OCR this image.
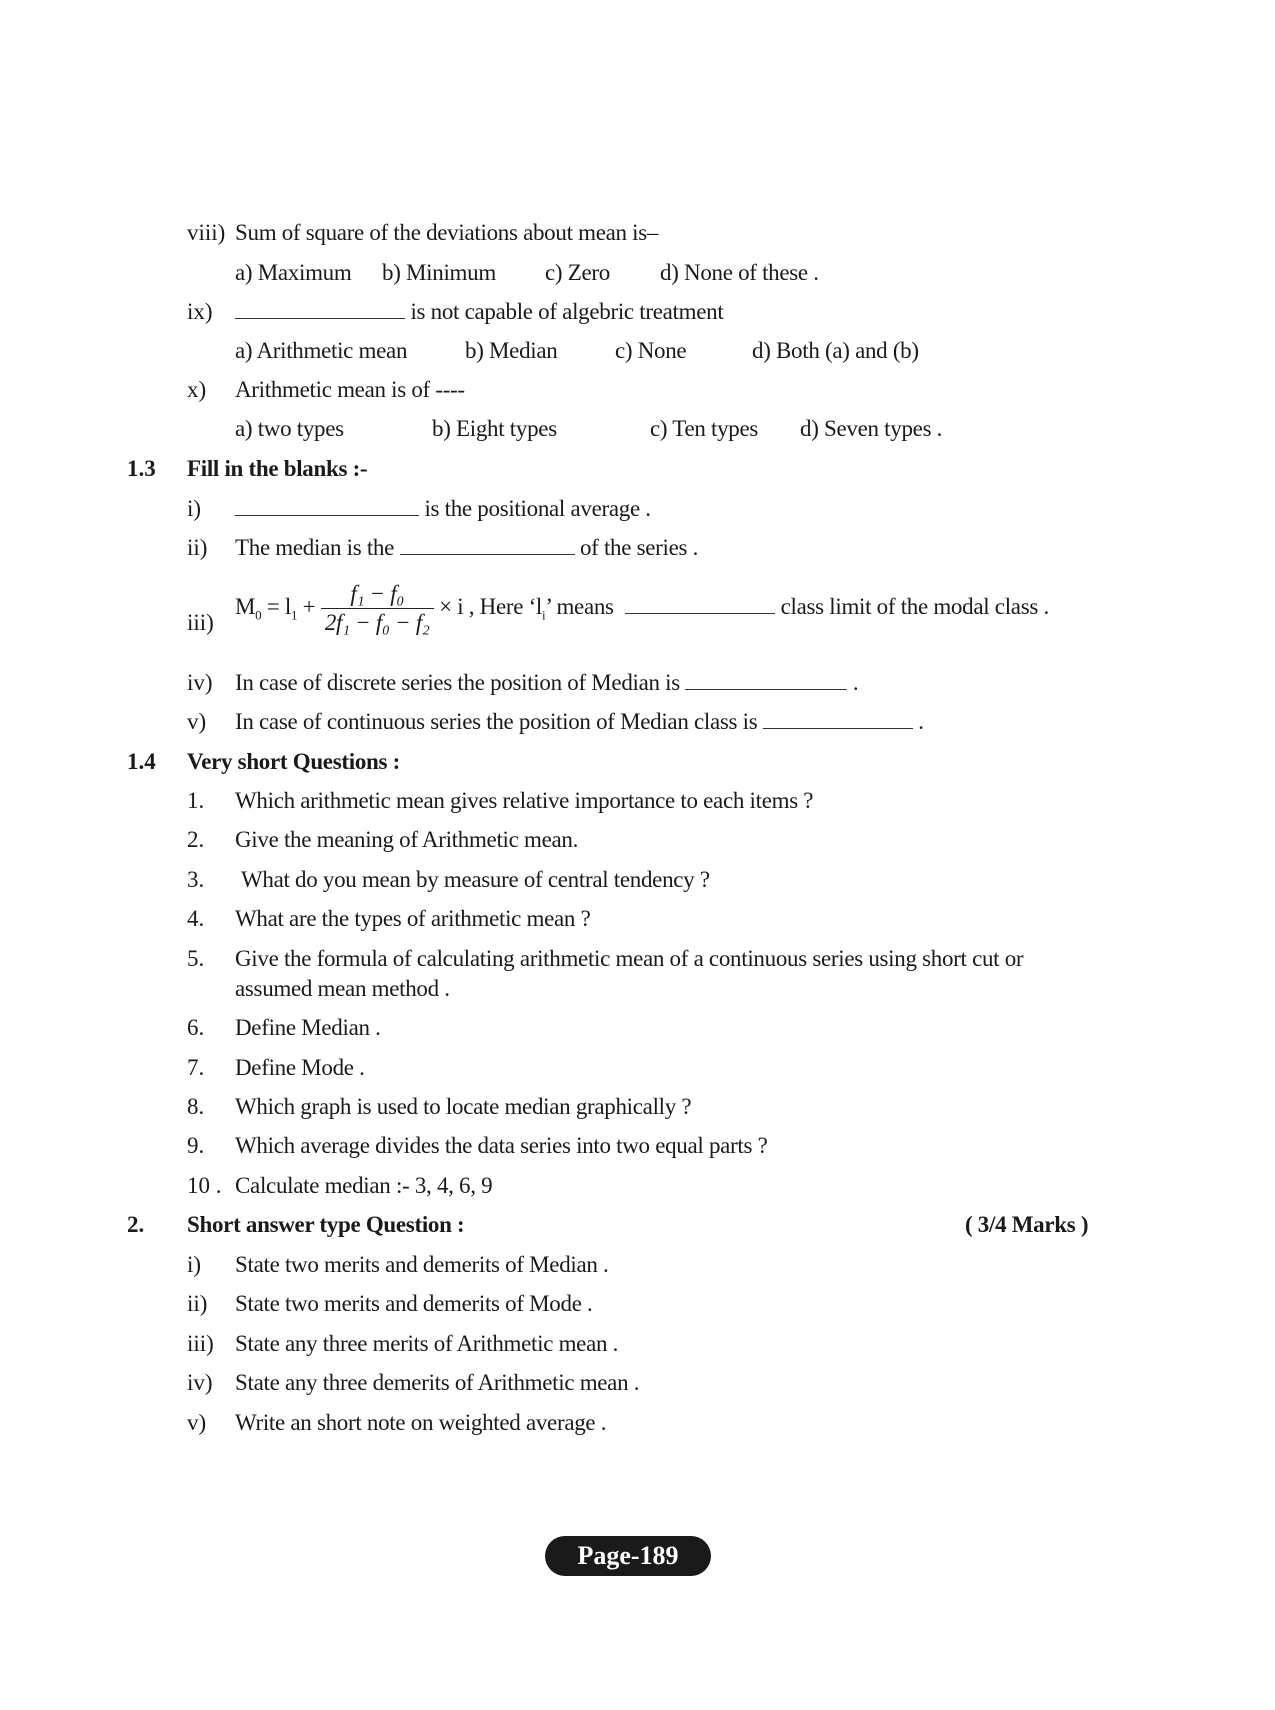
viii) Sum of square of the deviations about mean is–
a) Maximum b) Minimum c) Zero d) None of these .
ix)	is not capable of algebric treatment
a) Arithmetic mean	b) Median	c) None	d) Both (a) and (b)
x) Arithmetic mean is of ----
a) two types	b) Eight types	c) Ten types d) Seven types .
1.3 Fill in the blanks :-
i)	is the positional average .
ii) The median is the	of the series .
iii)
$M_0 = l_1 + \frac{\text{f₁ − f₀}}{\text{2f₁ − f₀ − f₂}} \times i$ , Here ‘$l_i$’ means	class limit of the modal class .
iv) In case of discrete series the position of Median is	.
v) In case of continuous series the position of Median class is	.
1.4 Very short Questions :
1. Which arithmetic mean gives relative importance to each items ?
2. Give the meaning of Arithmetic mean.
3. What do you mean by measure of central tendency ?
4. What are the types of arithmetic mean ?
5. Give the formula of calculating arithmetic mean of a continuous series using short cut or
assumed mean method .
6. Define Median .
7. Define Mode .
8. Which graph is used to locate median graphically ?
9. Which average divides the data series into two equal parts ?
10 . Calculate median :- 3, 4, 6, 9
2. Short answer type Question :	( 3/4 Marks )
i) State two merits and demerits of Median .
ii) State two merits and demerits of Mode .
iii) State any three merits of Arithmetic mean .
iv) State any three demerits of Arithmetic mean .
v) Write an short note on weighted average .
Page-189
